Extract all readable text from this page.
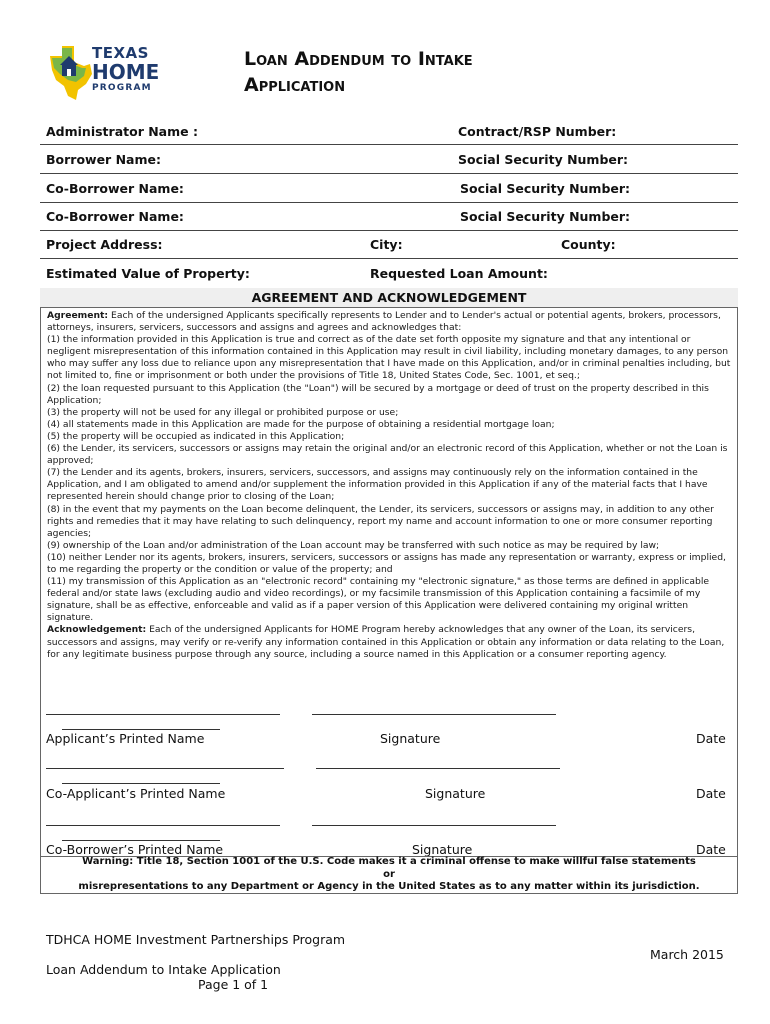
TEXAS
HOME
PROGRAM
Loan Addendum to Intake
Application
Administrator Name :	Contract/RSP Number:
Borrower Name:	Social Security Number:
Co-Borrower Name:	Social Security Number:
Co-Borrower Name:	Social Security Number:
Project Address:	City:	County:
Estimated Value of Property:	Requested Loan Amount:
AGREEMENT AND ACKNOWLEDGEMENT
Agreement: Each of the undersigned Applicants specifically represents to Lender and to Lender's actual or potential agents, brokers, processors, attorneys, insurers, servicers, successors and assigns and agrees and acknowledges that:
(1) the information provided in this Application is true and correct as of the date set forth opposite my signature and that any intentional or negligent misrepresentation of this information contained in this Application may result in civil liability, including monetary damages, to any person who may suffer any loss due to reliance upon any misrepresentation that I have made on this Application, and/or in criminal penalties including, but not limited to, fine or imprisonment or both under the provisions of Title 18, United States Code, Sec. 1001, et seq.;
(2) the loan requested pursuant to this Application (the "Loan") will be secured by a mortgage or deed of trust on the property described in this Application;
(3) the property will not be used for any illegal or prohibited purpose or use;
(4) all statements made in this Application are made for the purpose of obtaining a residential mortgage loan;
(5) the property will be occupied as indicated in this Application;
(6) the Lender, its servicers, successors or assigns may retain the original and/or an electronic record of this Application, whether or not the Loan is approved;
(7) the Lender and its agents, brokers, insurers, servicers, successors, and assigns may continuously rely on the information contained in the Application, and I am obligated to amend and/or supplement the information provided in this Application if any of the material facts that I have represented herein should change prior to closing of the Loan;
(8) in the event that my payments on the Loan become delinquent, the Lender, its servicers, successors or assigns may, in addition to any other rights and remedies that it may have relating to such delinquency, report my name and account information to one or more consumer reporting agencies;
(9) ownership of the Loan and/or administration of the Loan account may be transferred with such notice as may be required by law;
(10) neither Lender nor its agents, brokers, insurers, servicers, successors or assigns has made any representation or warranty, express or implied, to me regarding the property or the condition or value of the property; and
(11) my transmission of this Application as an "electronic record" containing my "electronic signature," as those terms are defined in applicable federal and/or state laws (excluding audio and video recordings), or my facsimile transmission of this Application containing a facsimile of my signature, shall be as effective, enforceable and valid as if a paper version of this Application were delivered containing my original written signature.
Acknowledgement: Each of the undersigned Applicants for HOME Program hereby acknowledges that any owner of the Loan, its servicers, successors and assigns, may verify or re-verify any information contained in this Application or obtain any information or data relating to the Loan, for any legitimate business purpose through any source, including a source named in this Application or a consumer reporting agency.
Applicant’s Printed Name	Signature	Date
Co-Applicant’s Printed Name	Signature	Date
Co-Borrower’s Printed Name	Signature	Date
Warning: Title 18, Section 1001 of the U.S. Code makes it a criminal offense to make willful false statements
or
misrepresentations to any Department or Agency in the United States as to any matter within its jurisdiction.
TDHCA HOME Investment Partnerships Program
March 2015
Loan Addendum to Intake Application
Page 1 of 1
